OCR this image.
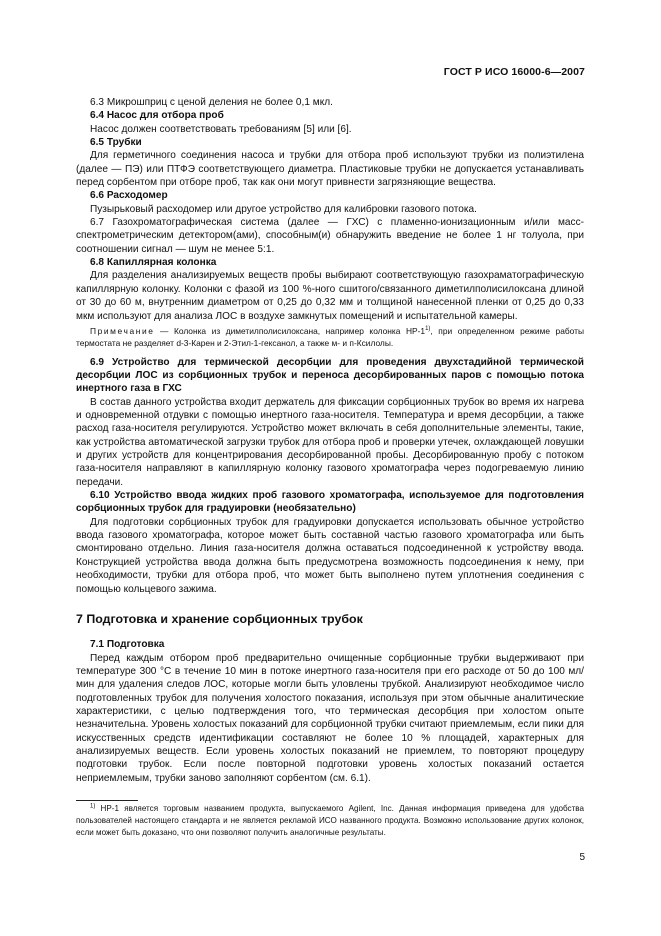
ГОСТ Р ИСО 16000-6—2007

6.3 Микрошприц с ценой деления не более 0,1 мкл.

6.4 Насос для отбора проб

Насос должен соответствовать требованиям [5] или [6].

6.5 Трубки

Для герметичного соединения насоса и трубки для отбора проб используют трубки из полиэтилена (далее — ПЭ) или ПТФЭ соответствующего диаметра. Пластиковые трубки не допускается устанавливать перед сорбентом при отборе проб, так как они могут привнести загрязняющие вещества.

6.6 Расходомер

Пузырьковый расходомер или другое устройство для калибровки газового потока.

6.7 Газохроматографическая система (далее — ГХС) с пламенно-ионизационным и/или масс-спектрометрическим детектором(ами), способным(и) обнаружить введение не более 1 нг толуола, при соотношении сигнал — шум не менее 5:1.

6.8 Капиллярная колонка

Для разделения анализируемых веществ пробы выбирают соответствующую газохраматографическую капиллярную колонку. Колонки с фазой из 100 %-ного сшитого/связанного диметилполисилоксана длиной от 30 до 60 м, внутренним диаметром от 0,25 до 0,32 мм и толщиной нанесенной пленки от 0,25 до 0,33 мкм используют для анализа ЛОС в воздухе замкнутых помещений и испытательной камеры.

Примечание — Колонка из диметилполисилоксана, например колонка HP-1$^{1)}$, при определенном режиме работы термостата не разделяет d-3-Карен и 2-Этил-1-гексанол, а также м- и п-Ксилолы.

6.9 Устройство для термической десорбции для проведения двухстадийной термической десорбции ЛОС из сорбционных трубок и переноса десорбированных паров с помощью потока инертного газа в ГХС

В состав данного устройства входит держатель для фиксации сорбционных трубок во время их нагрева и одновременной отдувки с помощью инертного газа-носителя. Температура и время десорбции, а также расход газа-носителя регулируются. Устройство может включать в себя дополнительные элементы, такие, как устройства автоматической загрузки трубок для отбора проб и проверки утечек, охлаждающей ловушки и других устройств для концентрирования десорбированной пробы. Десорбированную пробу с потоком газа-носителя направляют в капиллярную колонку газового хроматографа через подогреваемую линию передачи.

6.10 Устройство ввода жидких проб газового хроматографа, используемое для подготовления сорбционных трубок для градуировки (необязательно)

Для подготовки сорбционных трубок для градуировки допускается использовать обычное устройство ввода газового хроматографа, которое может быть составной частью газового хроматографа или быть смонтировано отдельно. Линия газа-носителя должна оставаться подсоединенной к устройству ввода. Конструкцией устройства ввода должна быть предусмотрена возможность подсоединения к нему, при необходимости, трубки для отбора проб, что может быть выполнено путем уплотнения соединения с помощью кольцевого зажима.

7 Подготовка и хранение сорбционных трубок

7.1 Подготовка

Перед каждым отбором проб предварительно очищенные сорбционные трубки выдерживают при температуре 300 °С в течение 10 мин в потоке инертного газа-носителя при его расходе от 50 до 100 мл/мин для удаления следов ЛОС, которые могли быть уловлены трубкой. Анализируют необходимое число подготовленных трубок для получения холостого показания, используя при этом обычные аналитические характеристики, с целью подтверждения того, что термическая десорбция при холостом опыте незначительна. Уровень холостых показаний для сорбционной трубки считают приемлемым, если пики для искусственных средств идентификации составляют не более 10 % площадей, характерных для анализируемых веществ. Если уровень холостых показаний не приемлем, то повторяют процедуру подготовки трубок. Если после повторной подготовки уровень холостых показаний остается неприемлемым, трубки заново заполняют сорбентом (см. 6.1).

$^{1)}$ HP-1 является торговым названием продукта, выпускаемого Agilent, Inc. Данная информация приведена для удобства пользователей настоящего стандарта и не является рекламой ИСО названного продукта. Возможно использование других колонок, если может быть доказано, что они позволяют получить аналогичные результаты.

5
